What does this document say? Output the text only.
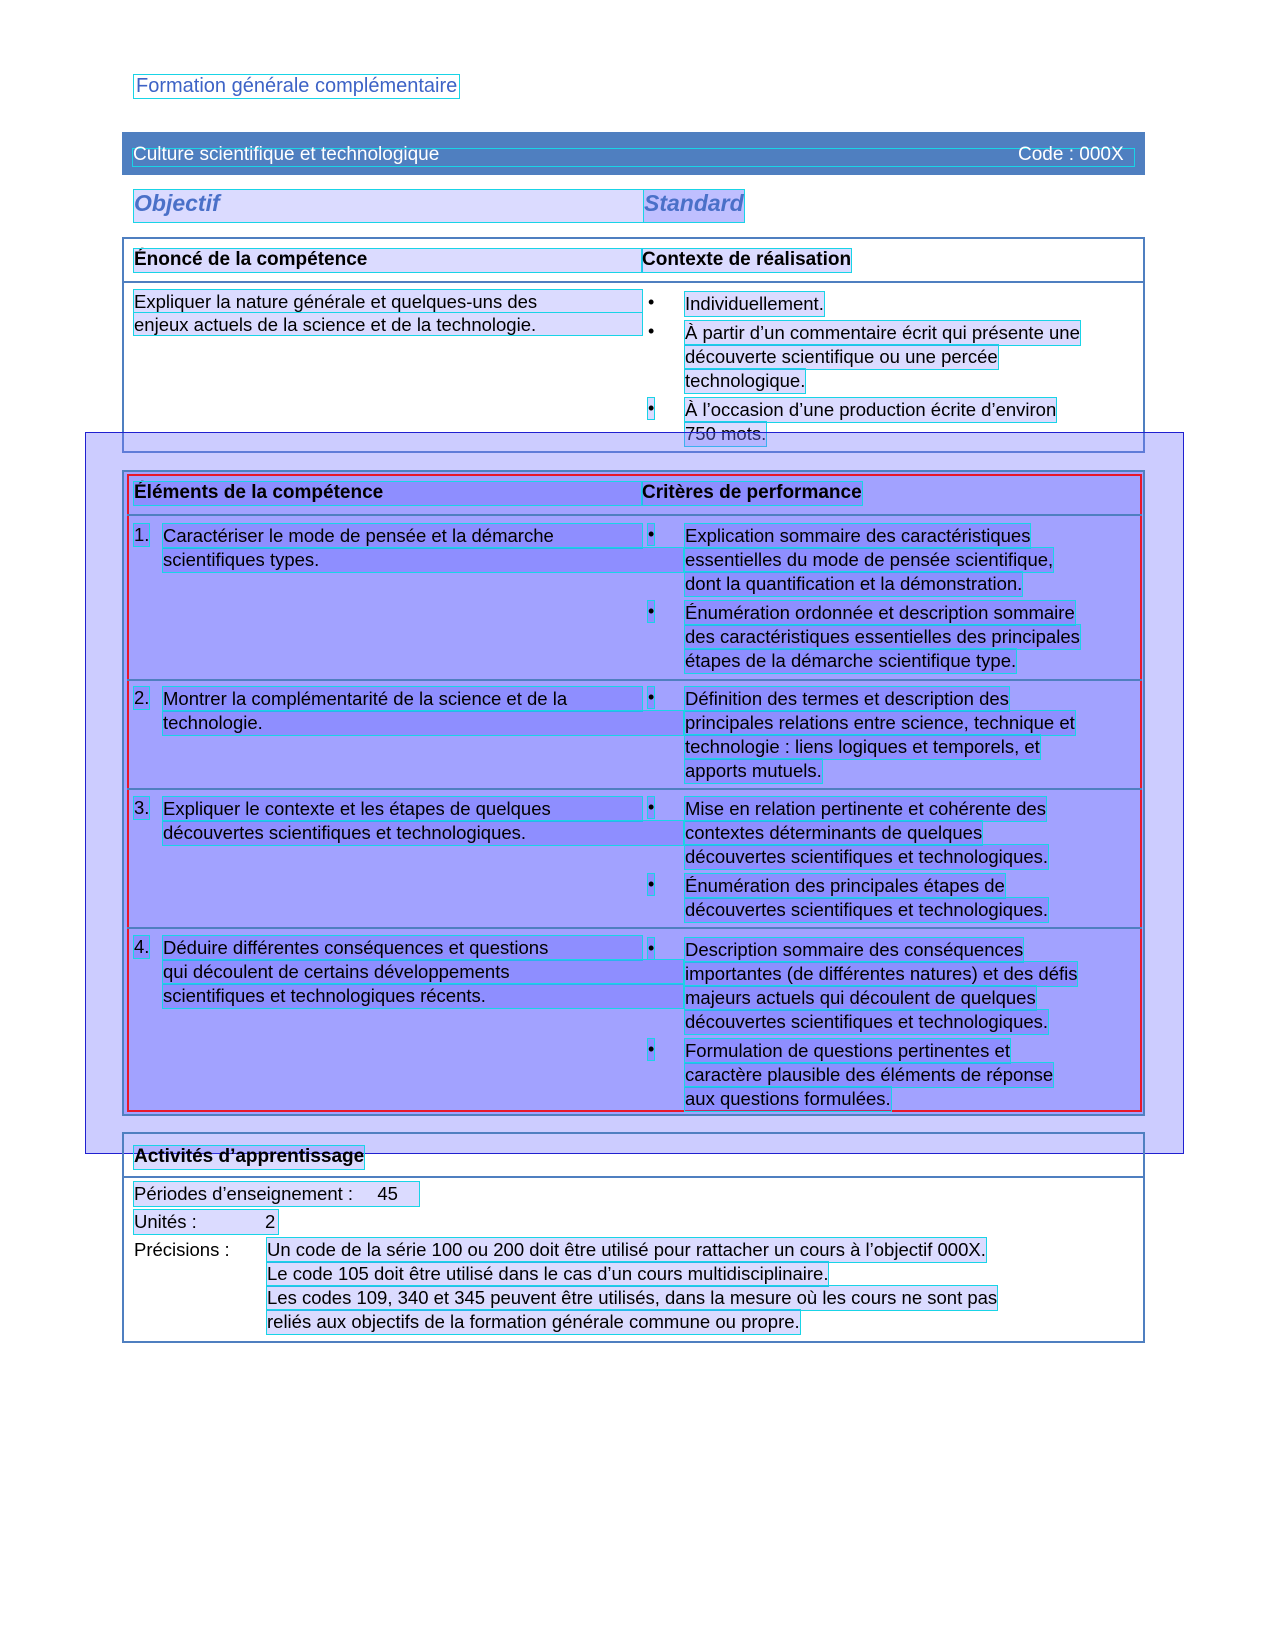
Formation générale complémentaire
Culture scientifique et technologique	Code : 000X
Objectif	Standard
Énoncé de la compétence	Contexte de réalisation
Expliquer la nature générale et quelques-uns des
enjeux actuels de la science et de la technologie.
• Individuellement.
• À partir d’un commentaire écrit qui présente une
découverte scientifique ou une percée
technologique.
• À l’occasion d’une production écrite d’environ
750 mots.
Éléments de la compétence	Critères de performance
1. Caractériser le mode de pensée et la démarche
scientifiques types.
• Explication sommaire des caractéristiques
essentielles du mode de pensée scientifique,
dont la quantification et la démonstration.
• Énumération ordonnée et description sommaire
des caractéristiques essentielles des principales
étapes de la démarche scientifique type.
2. Montrer la complémentarité de la science et de la
technologie.
• Définition des termes et description des
principales relations entre science, technique et
technologie : liens logiques et temporels, et
apports mutuels.
3. Expliquer le contexte et les étapes de quelques
découvertes scientifiques et technologiques.
• Mise en relation pertinente et cohérente des
contextes déterminants de quelques
découvertes scientifiques et technologiques.
• Énumération des principales étapes de
découvertes scientifiques et technologiques.
4. Déduire différentes conséquences et questions
qui découlent de certains développements
scientifiques et technologiques récents.
• Description sommaire des conséquences
importantes (de différentes natures) et des défis
majeurs actuels qui découlent de quelques
découvertes scientifiques et technologiques.
• Formulation de questions pertinentes et
caractère plausible des éléments de réponse
aux questions formulées.
Activités d’apprentissage
Périodes d’enseignement : 45
Unités :	2
Précisions : Un code de la série 100 ou 200 doit être utilisé pour rattacher un cours à l’objectif 000X.
Le code 105 doit être utilisé dans le cas d’un cours multidisciplinaire.
Les codes 109, 340 et 345 peuvent être utilisés, dans la mesure où les cours ne sont pas
reliés aux objectifs de la formation générale commune ou propre.
